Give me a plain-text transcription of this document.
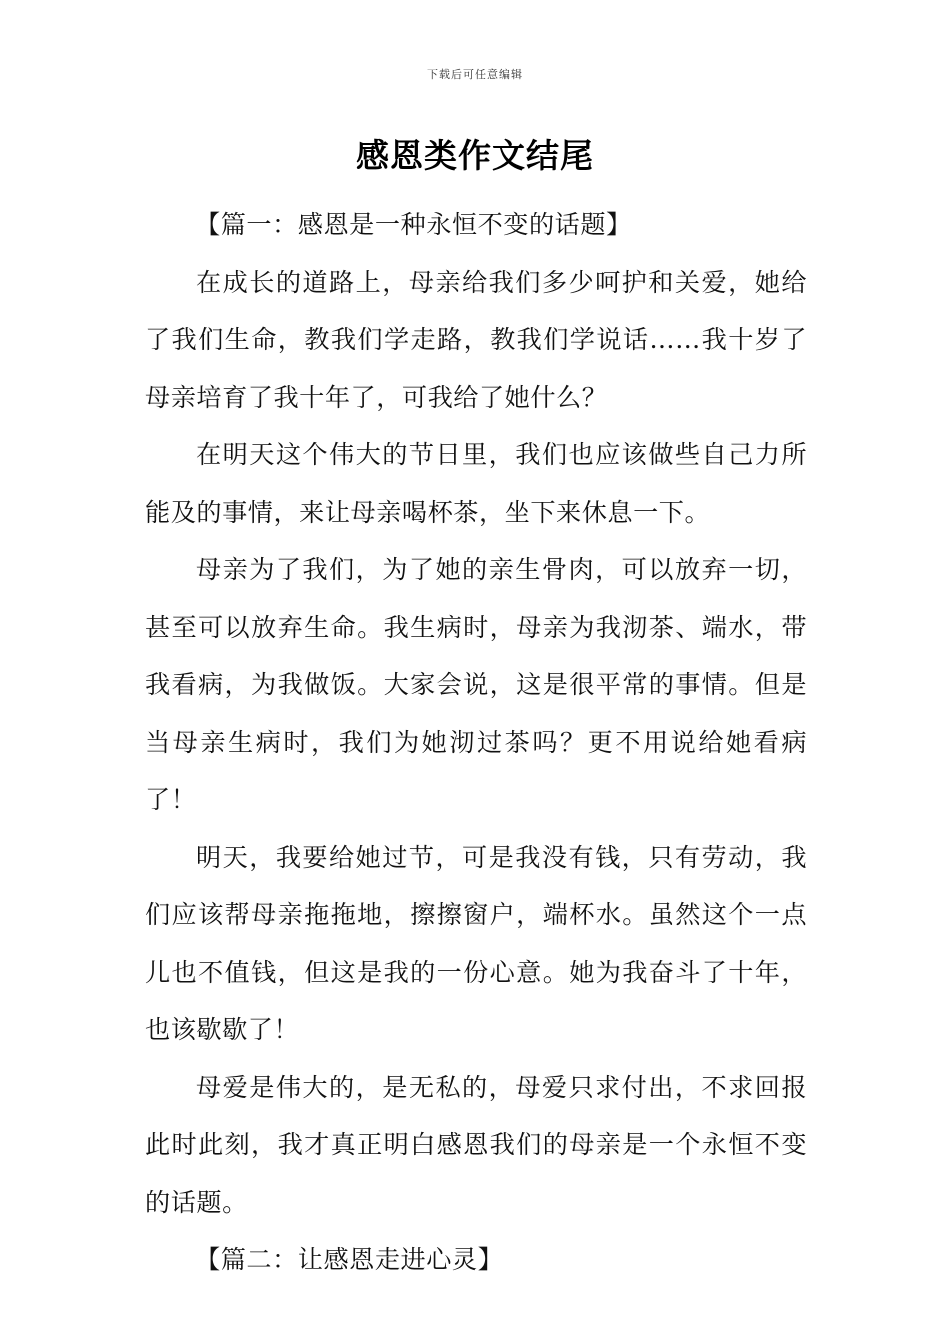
下载后可任意编辑
感恩类作文结尾

【篇一：感恩是一种永恒不变的话题】

在成长的道路上，母亲给我们多少呵护和关爱，她给了我们生命，教我们学走路，教我们学说话……我十岁了母亲培育了我十年了，可我给了她什么？

在明天这个伟大的节日里，我们也应该做些自己力所能及的事情，来让母亲喝杯茶，坐下来休息一下。

母亲为了我们，为了她的亲生骨肉，可以放弃一切，甚至可以放弃生命。我生病时，母亲为我沏茶、端水，带我看病，为我做饭。大家会说，这是很平常的事情。但是当母亲生病时，我们为她沏过茶吗？更不用说给她看病了！

明天，我要给她过节，可是我没有钱，只有劳动，我们应该帮母亲拖拖地，擦擦窗户，端杯水。虽然这个一点儿也不值钱，但这是我的一份心意。她为我奋斗了十年，也该歇歇了！

母爱是伟大的，是无私的，母爱只求付出，不求回报此时此刻，我才真正明白感恩我们的母亲是一个永恒不变的话题。

【篇二：让感恩走进心灵】
